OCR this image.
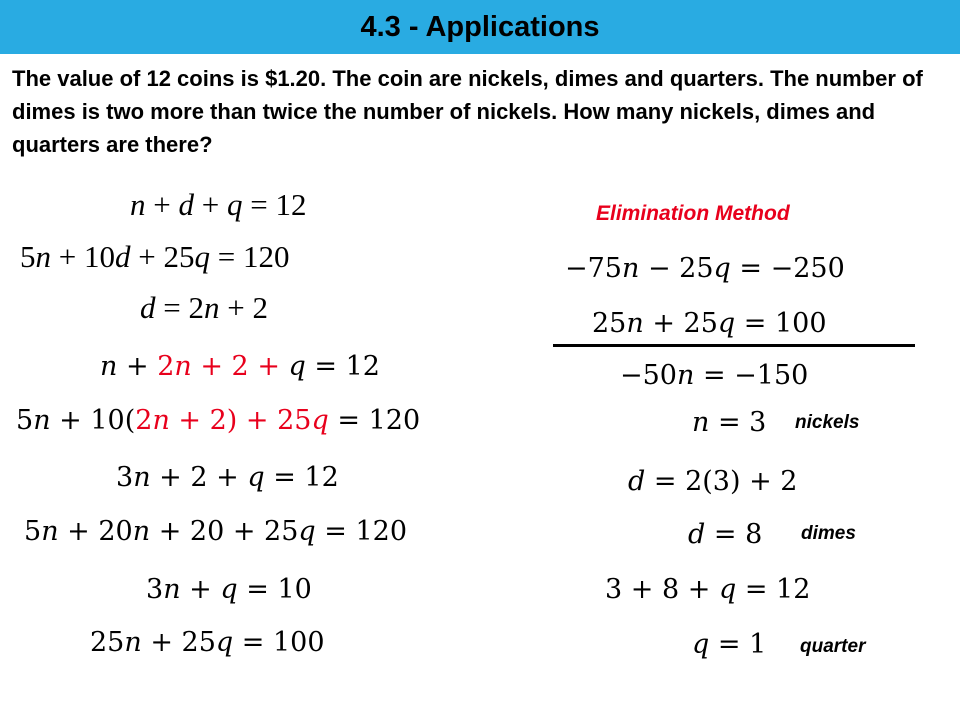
4.3 - Applications
The value of 12 coins is $1.20. The coin are nickels, dimes and quarters. The number of dimes is two more than twice the number of nickels. How many nickels, dimes and quarters are there?
n + d + q = 12
5n + 10d + 25q = 120
d = 2n + 2
n + 2n + 2 + q = 12
5n + 10(2n + 2) + 25q = 120
3n + 2 + q = 12
5n + 20n + 20 + 25q = 120
3n + q = 10
25n + 25q = 100
Elimination Method
−75n − 25q = −250
25n + 25q = 100
−50n = −150
n = 3 nickels
d = 2(3) + 2
d = 8 dimes
3 + 8 + q = 12
q = 1 quarter
